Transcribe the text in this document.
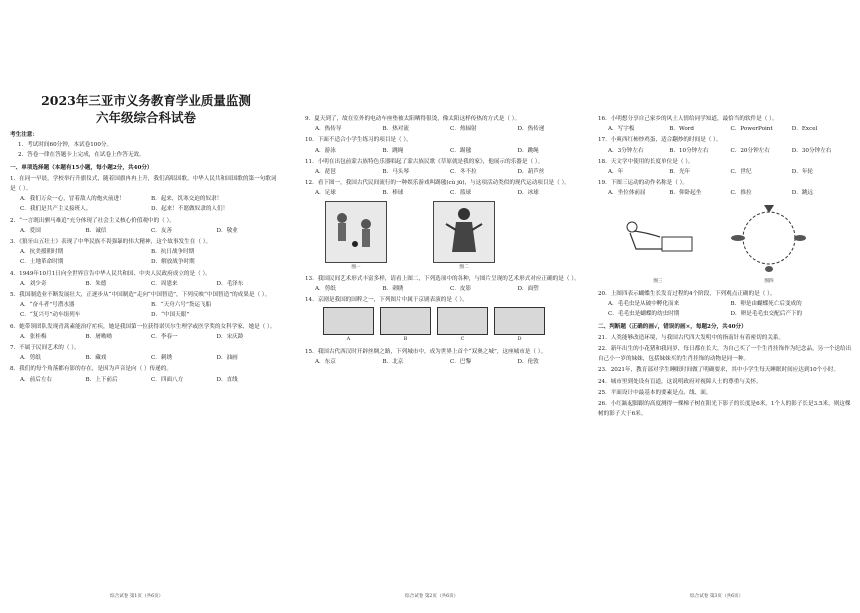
2023年三亚市义务教育学业质量监测
六年级综合科试卷
考生注意：
1．考试时间60分钟，本试卷100分。
2．答卷一律在答题卡上完成，在试卷上作答无效。
一、单项选择题（本题有15小题，每小题2分，共40分）
1．在同一早晨，学校举行升旗仪式，随着国旗冉冉上升，我们高唱国歌。中华人民共和国国歌的第一句歌词是（ ）。
A．我们万众一心，冒着敌人的炮火前进！	B．起来，饥寒交迫的奴隶！
C．我们是共产主义接班人。	D．起来！不愿做奴隶的人们！
2．“一言既出驷马难追”充分体现了社会主义核心价值观中的（ ）。
A．爱国	B．诚信	C．友善	D．敬业
3．《狼牙山五壮士》表现了中华民族不畏强暴的伟大精神，这个故事发生在（ ）。
A．抗美援朝时期	B．抗日战争时期
C．土地革命时期	D．解放战争时期
4．1949年10月1日向全世界宣告中华人民共和国、中央人民政府成立的是（ ）。
A．刘少奇	B．朱德	C．周恩来	D．毛泽东
5．我国制造业不断发展壮大，正逐步从“中国制造”走向“中国智造”，下列反映“中国智造”的成果是（ ）。
A．“奋斗者”号潜水器	B．“天舟六号”货运飞船
C．“复兴号”动车组列车	D．“中国天眼”
6．她带领团队发现青蒿素能治疗疟疾，她是我国第一位获得诺贝尔生理学或医学奖的女科学家，她是（ ）。
A．张桂梅	B．屠呦呦	C．李春一	D．宋庆龄
7．不属于民间艺术的（ ）。
A．剪纸	B．藏戏	C．刺绣	D．油画
8．我们的每个角落都有影的存在，是因为声音是向（ ）传递的。
A．前后左右	B．上下前后	C．四面八方	D．直线
综合试卷 第1页（共6页）
9．夏天到了，故在室外的电动车座垫被太阳晒得很烫，像太阳这样传热的方式是（ ）。
A．热传导	B．热对流	C．热辐射	D．热传递
10．下面不适合小学生练习的项目是（ ）。
A．游泳	B．跳绳	C．踢毽	D．跳绳
11．小明在出包前蒙古族特色乐器唱起了蒙古族民歌《草原就是我的家》，他展示的乐器是（ ）。
A．琵琶	B．马头琴	C．冬不拉	D．葫芦丝
12．看下图一，我国古代民间流行的一种娱乐游戏叫踢毽(cù jū)，与这项活动类似的现代运动项目是（ ）。
A．足球	B．棒球	C．篮球	D．冰球
图一	图二
13．我国民间艺术形式丰富多样，请看上图二，下列选项中的各种，与图片呈现的艺术形式对应正确的是（ ）。
A．剪纸	B．刺绣	C．皮影	D．面塑
14．京剧是我国的国粹之一，下列图片中属于京剧表演的是（ ）。
A	B	C	D
15．我国古代西汉时开辟丝绸之路，下列城市中，成为世界上首个“双奥之城”，这座城市是（ ）。
A．东京	B．北京	C．巴黎	D．伦敦
综合试卷 第2页（共6页）
16．小明想分享自己家乡的风土人情给同学知道，最恰当的软件是（ ）。
A．写字板	B．Word	C．PowerPoint	D．Excel
17．小爽西红柿炒鸡蛋，适合翻炒的时间是（ ）。
A．3分钟左右	B．10分钟左右	C．20分钟左右	D．30分钟左右
18．天文学中使用的长度单位是（ ）。
A．年	B．光年	C．世纪	D．年轮
19．下图三运动的动作名称是（ ）。
A．坐位体前屈	B．仰卧起坐	C．推拉	D．跳远
图三	图四
20．上图四表示蝴蝶生长发育过程的4个阶段，下列观点正确的是（ ）。
A．毛毛虫是从破中孵化而来	B．卵是由蝴蝶死亡后变成的
C．毛毛虫是蝴蝶的幼虫时期	D．卵是毛毛虫交配后产下的
二、判断题（正确的画√，错误的画×，每题2分，共40分）
21．人类能够改造环境，与我国古代四大发明中的指南针有着密切的关系。
22．新年出生的小花猪和我同岁，每日都在长大，为自己买了一个生肖挂饰作为纪念品，另一个送给出自己小一岁的妹妹，包括妹妹买的生肖挂饰的动物是同一种。
23．2021年，教育部对学生睡眠时间做了明确要求，其中小学生每天睡眠时间应达到10个小时。
24．城市里到处设有盲道，这说明政府对视障人士的尊重与关怀。
25．平面设计中最基本的要素是点、线、面。
26．小红踮起脚跟的高度测得一棵梯子树在阳光下影子的长度是6米，1个人的影子长是3.5米，则这棵树的影子大于6米。
综合试卷 第3页（共6页）
